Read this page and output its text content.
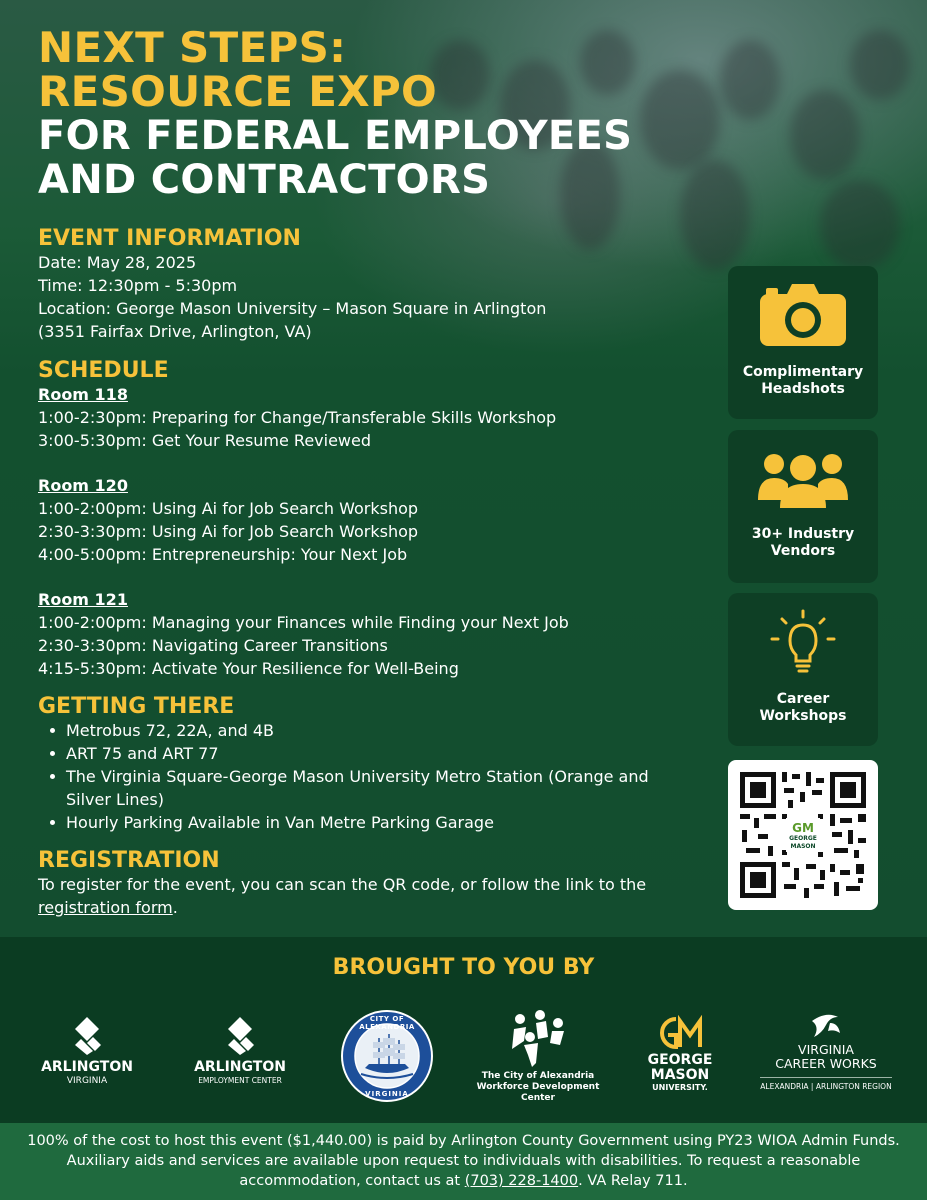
NEXT STEPS:
RESOURCE EXPO
FOR FEDERAL EMPLOYEES
AND CONTRACTORS
EVENT INFORMATION
Date: May 28, 2025
Time: 12:30pm - 5:30pm
Location: George Mason University – Mason Square in Arlington
(3351 Fairfax Drive, Arlington, VA)
SCHEDULE
Room 118
1:00-2:30pm: Preparing for Change/Transferable Skills Workshop
3:00-5:30pm: Get Your Resume Reviewed
Room 120
1:00-2:00pm: Using Ai for Job Search Workshop
2:30-3:30pm: Using Ai for Job Search Workshop
4:00-5:00pm: Entrepreneurship: Your Next Job
Room 121
1:00-2:00pm: Managing your Finances while Finding your Next Job
2:30-3:30pm: Navigating Career Transitions
4:15-5:30pm: Activate Your Resilience for Well-Being
GETTING THERE
Metrobus 72, 22A, and 4B
ART 75 and ART 77
The Virginia Square-George Mason University Metro Station (Orange and
Silver Lines)
Hourly Parking Available in Van Metre Parking Garage
REGISTRATION
To register for the event, you can scan the QR code, or follow the link to the
registration form.
Complimentary
Headshots
30+ Industry
Vendors
Career
Workshops
GM
GEORGE
MASON
BROUGHT TO YOU BY
ARLINGTON
VIRGINIA
ARLINGTON
EMPLOYMENT CENTER
CITY OF ALEXANDRIA
VIRGINIA
The City of Alexandria
Workforce Development Center
GEORGE
MASON
UNIVERSITY.
VIRGINIA
CAREER WORKS
ALEXANDRIA | ARLINGTON REGION
100% of the cost to host this event ($1,440.00) is paid by Arlington County Government using PY23 WIOA Admin Funds.
Auxiliary aids and services are available upon request to individuals with disabilities. To request a reasonable
accommodation, contact us at (703) 228-1400. VA Relay 711.
